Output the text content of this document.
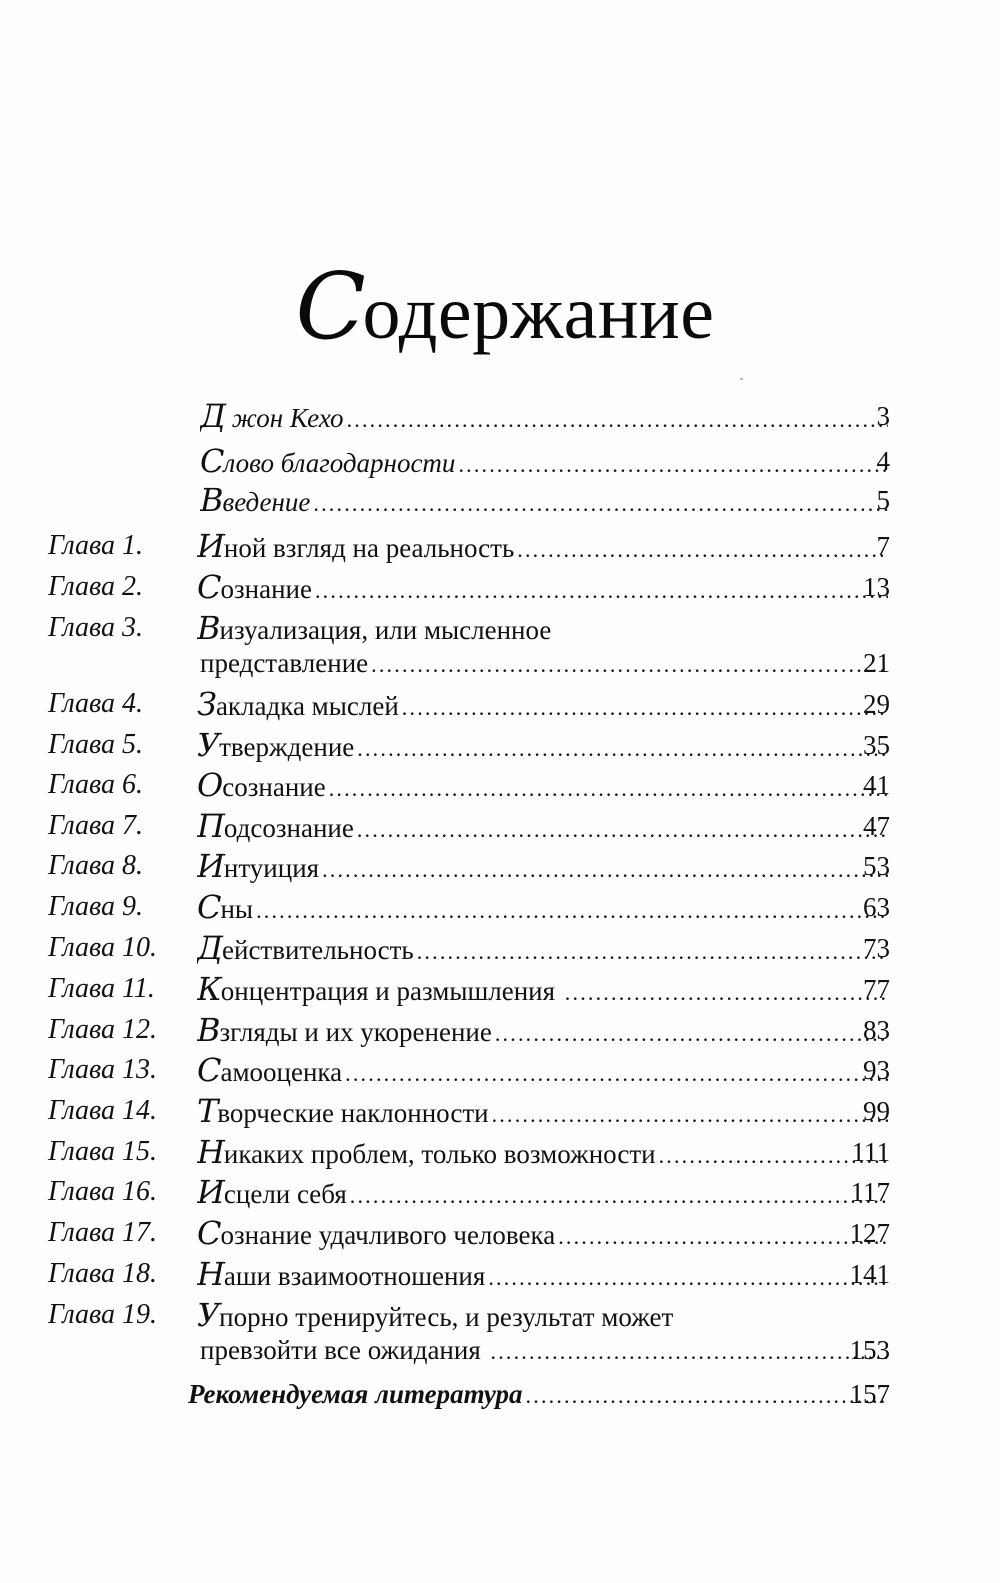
Содержание
Д жон Кехо .....	3
Слово благодарности .....	4
Введение .....	5
Глава 1. Иной взгляд на реальность .....	7
Глава 2. Сознание .....	13
Глава 3. Визуализация, или мысленное
представление .....	21
Глава 4. Закладка мыслей .....	29
Глава 5. Утверждение .....	35
Глава 6. Осознание .....	41
Глава 7. Подсознание .....	47
Глава 8. Интуиция .....	53
Глава 9. Сны .....	63
Глава 10. Действительность .....	73
Глава 11. Концентрация и размышления .....	77
Глава 12. Взгляды и их укоренение .....	83
Глава 13. Самооценка .....	93
Глава 14. Творческие наклонности .....	99
Глава 15. Никаких проблем, только возможности .....	111
Глава 16. Исцели себя .....	117
Глава 17. Сознание удачливого человека .....	127
Глава 18. Наши взаимоотношения .....	141
Глава 19. Упорно тренируйтесь, и результат может
превзойти все ожидания .....	153
Рекомендуемая литература .....	157
